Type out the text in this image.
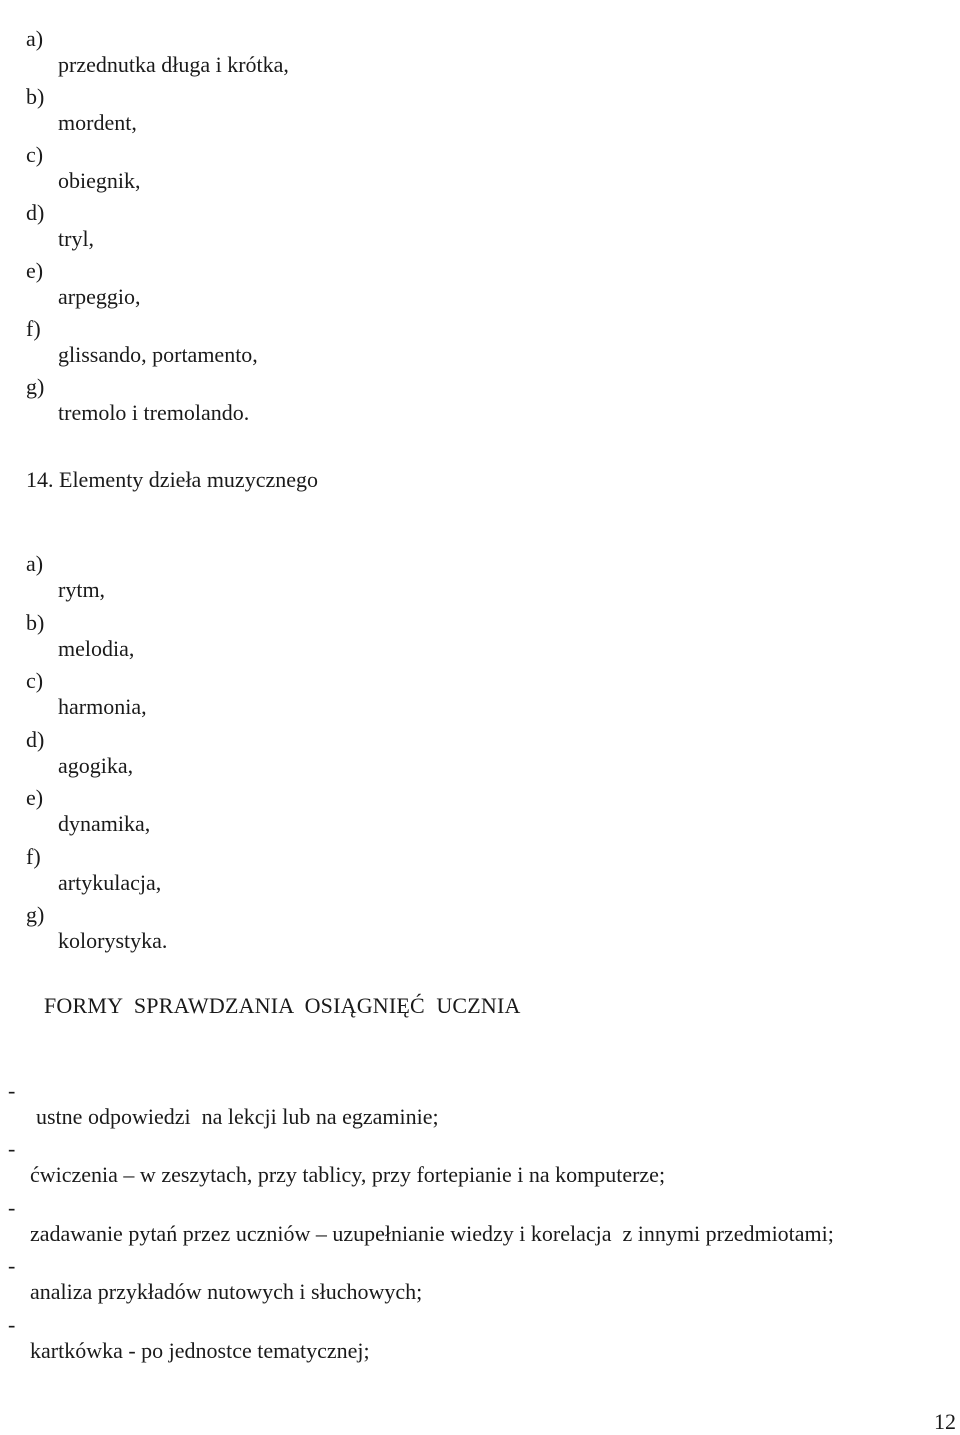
a)

przednutka długa i krótka,

b)

mordent,

c)

obiegnik,

d)

tryl,

e)

arpeggio,

f)

glissando, portamento,

g)

tremolo i tremolando.

14. Elementy dzieła muzycznego

a)

rytm,

b)

melodia,

c)

harmonia,

d)

agogika,

e)

dynamika,

f)

artykulacja,

g)

kolorystyka.

FORMY  SPRAWDZANIA  OSIĄGNIĘĆ  UCZNIA

-

ustne odpowiedzi  na lekcji lub na egzaminie;

-

ćwiczenia – w zeszytach, przy tablicy, przy fortepianie i na komputerze;

-

zadawanie pytań przez uczniów – uzupełnianie wiedzy i korelacja  z innymi przedmiotami;

-

analiza przykładów nutowych i słuchowych;

-

kartkówka - po jednostce tematycznej;

12
